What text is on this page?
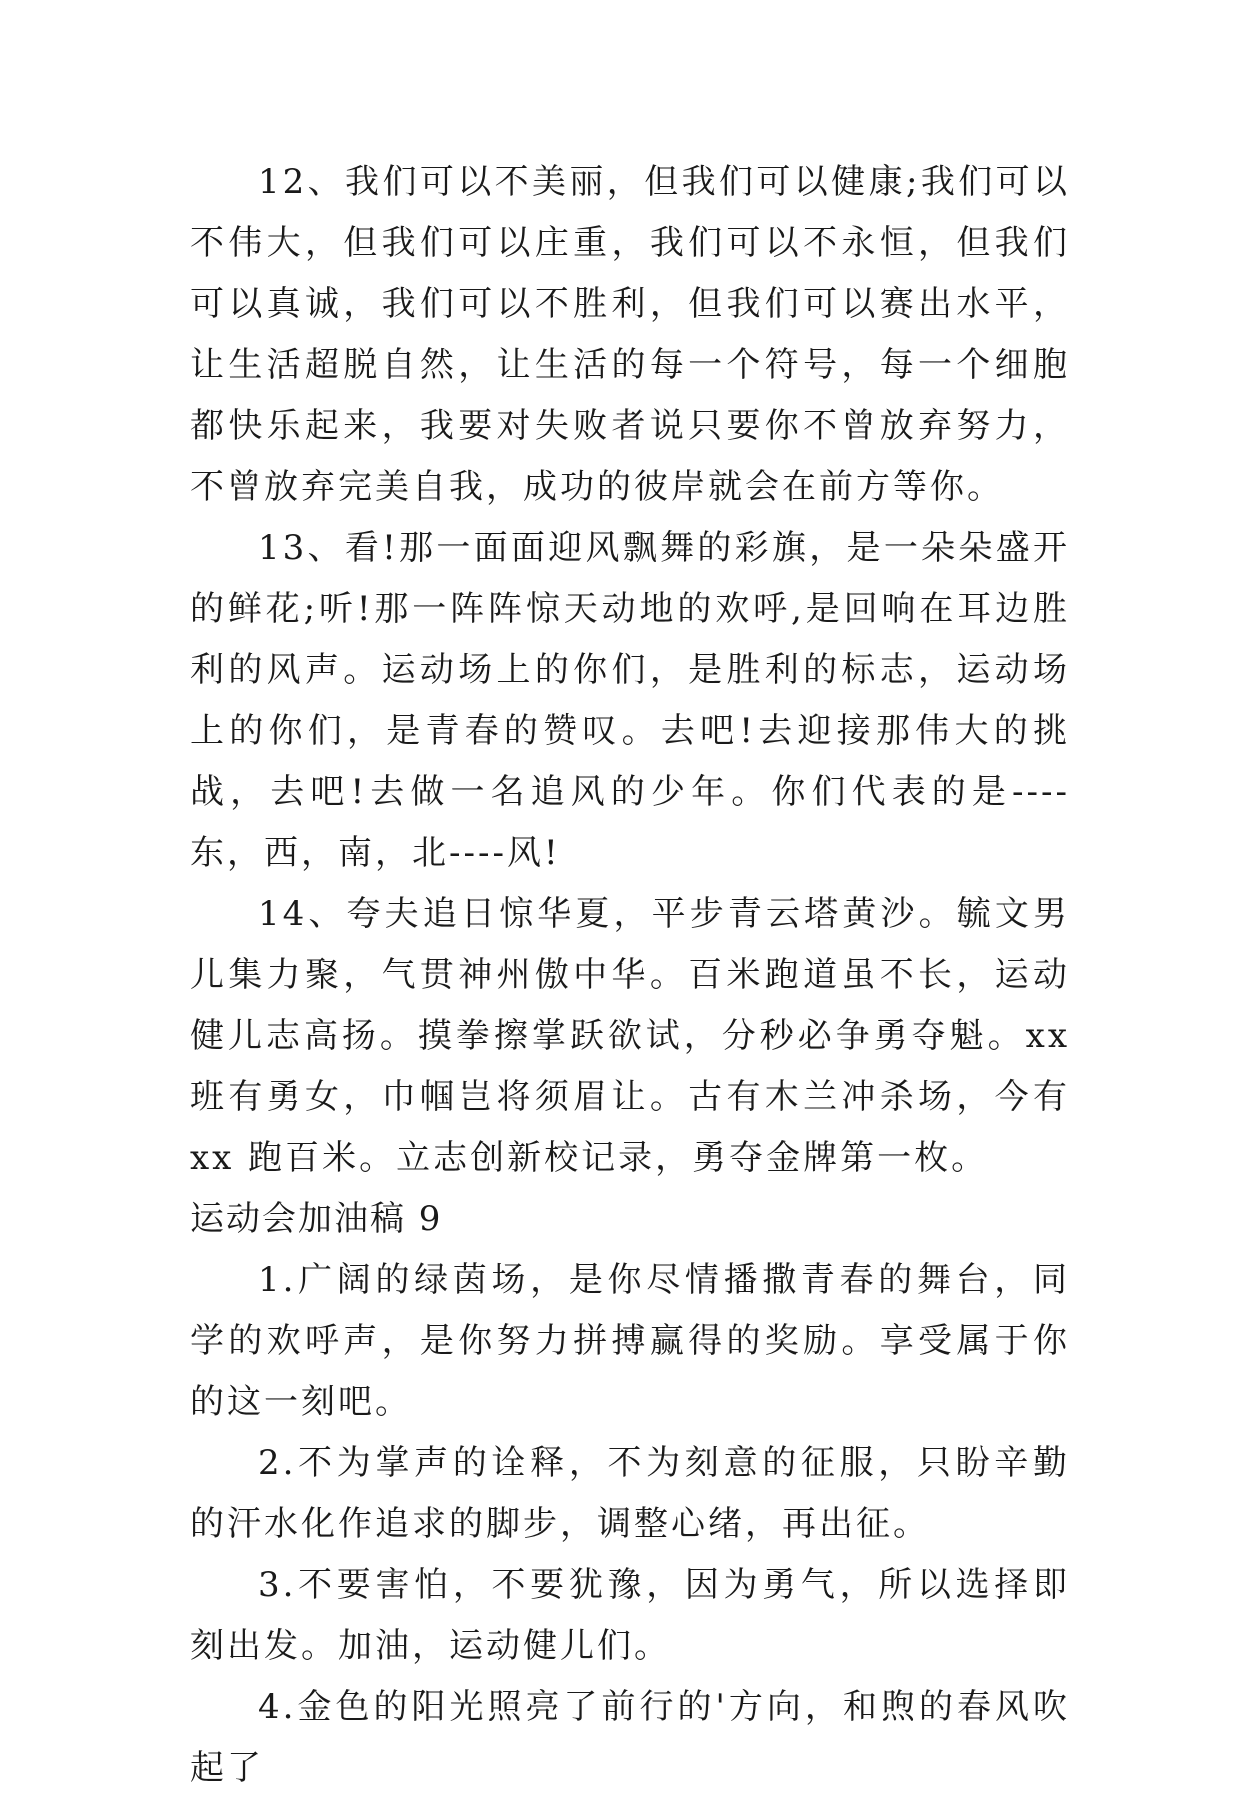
12、我们可以不美丽，但我们可以健康;我们可以不伟大，但我们可以庄重，我们可以不永恒，但我们可以真诚，我们可以不胜利，但我们可以赛出水平，让生活超脱自然，让生活的每一个符号，每一个细胞都快乐起来，我要对失败者说只要你不曾放弃努力，不曾放弃完美自我，成功的彼岸就会在前方等你。

13、看!那一面面迎风飘舞的彩旗，是一朵朵盛开的鲜花;听!那一阵阵惊天动地的欢呼,是回响在耳边胜利的风声。运动场上的你们，是胜利的标志，运动场上的你们，是青春的赞叹。去吧!去迎接那伟大的挑战，去吧!去做一名追风的少年。你们代表的是----东，西，南，北----风!

14、夸夫追日惊华夏，平步青云塔黄沙。毓文男儿集力聚，气贯神州傲中华。百米跑道虽不长，运动健儿志高扬。摸拳擦掌跃欲试，分秒必争勇夺魁。xx 班有勇女，巾帼岂将须眉让。古有木兰冲杀场，今有 xx 跑百米。立志创新校记录，勇夺金牌第一枚。

运动会加油稿 9

1.广阔的绿茵场，是你尽情播撒青春的舞台，同学的欢呼声，是你努力拼搏赢得的奖励。享受属于你的这一刻吧。

2.不为掌声的诠释，不为刻意的征服，只盼辛勤的汗水化作追求的脚步，调整心绪，再出征。

3.不要害怕，不要犹豫，因为勇气，所以选择即刻出发。加油，运动健儿们。

4.金色的阳光照亮了前行的'方向，和煦的春风吹起了
